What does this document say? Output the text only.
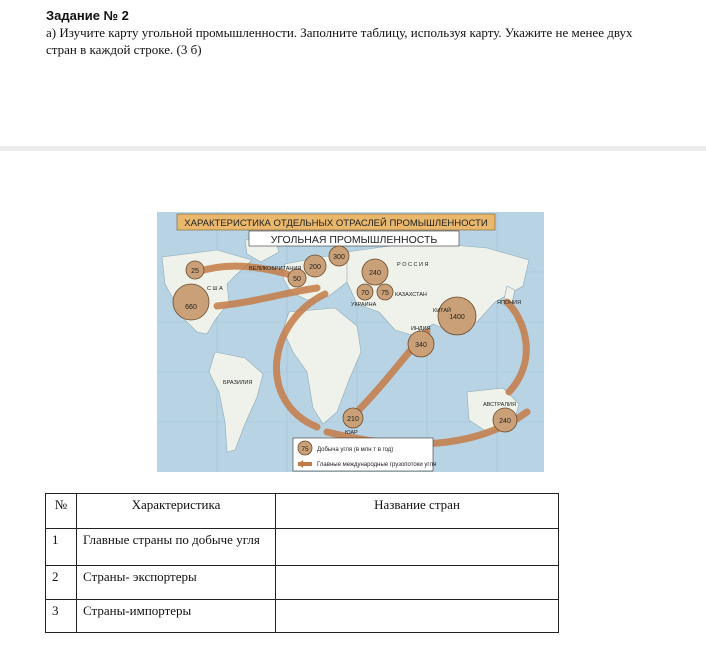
Задание № 2
а) Изучите карту угольной промышленности. Заполните таблицу, используя карту. Укажите не менее двух стран в каждой строке. (3 б)
ХАРАКТЕРИСТИКА ОТДЕЛЬНЫХ ОТРАСЛЕЙ ПРОМЫШЛЕННОСТИ
УГОЛЬНАЯ ПРОМЫШЛЕННОСТЬ
25
660
200
300
240
50
70 75
1400
340
240
210
ВЕЛИКОБРИТАНИЯ
УКРАИНА
КАЗАХСТАН
КИТАЙ
ИНДИЯ
ЯПОНИЯ
БРАЗИЛИЯ
АВСТРАЛИЯ
ЮАР
С Ш А
Р О С С И Я
75 Добыча угля (в млн т в год)
Главные международные грузопотоки угля
№	Характеристика	Название стран
1	Главные страны по добыче угля	
2	Страны- экспортеры	
3	Страны-импортеры	
